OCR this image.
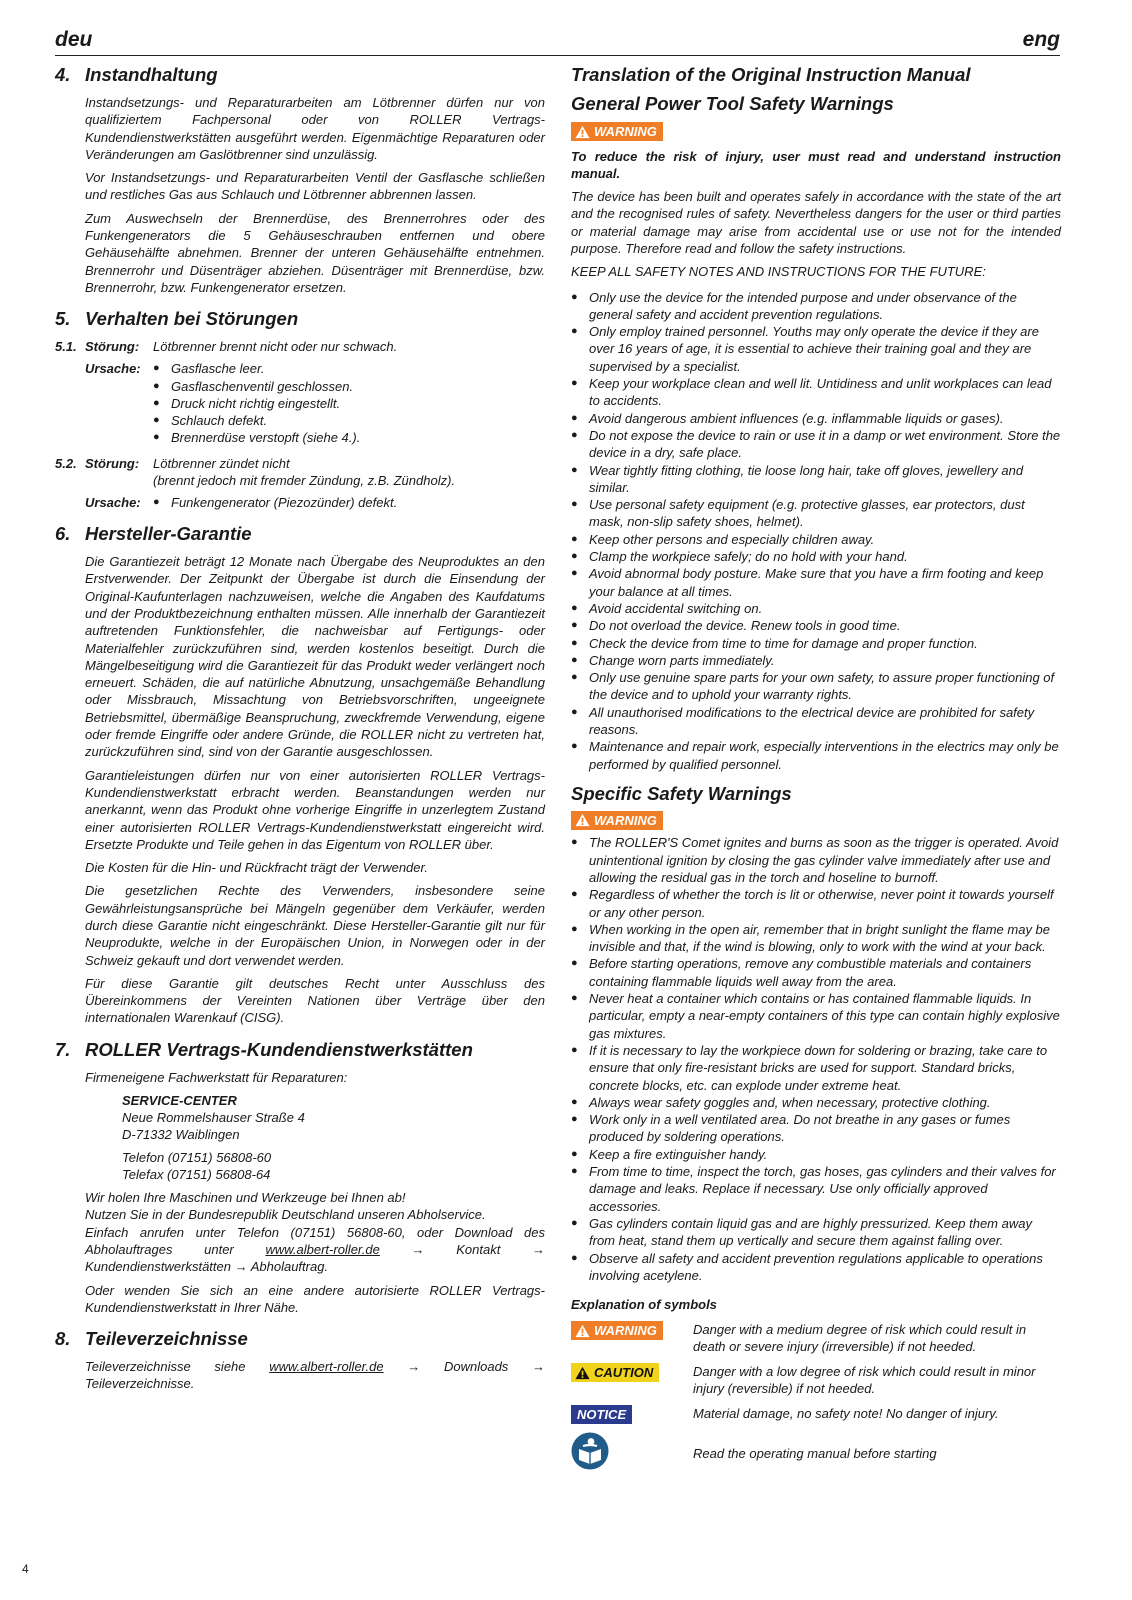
deu	eng
4. Instandhaltung

Instandsetzungs- und Reparaturarbeiten am Lötbrenner dürfen nur von qualifiziertem Fachpersonal oder von ROLLER Vertrags-Kundendienstwerkstätten ausgeführt werden. Eigenmächtige Reparaturen oder Veränderungen am Gaslötbrenner sind unzulässig.

Vor Instandsetzungs- und Reparaturarbeiten Ventil der Gasflasche schließen und restliches Gas aus Schlauch und Lötbrenner abbrennen lassen.

Zum Auswechseln der Brennerdüse, des Brennerrohres oder des Funkengenerators die 5 Gehäuseschrauben entfernen und obere Gehäusehälfte abnehmen. Brenner der unteren Gehäusehälfte entnehmen. Brennerrohr und Düsenträger abziehen. Düsenträger mit Brennerdüse, bzw. Brennerrohr, bzw. Funkengenerator ersetzen.

5. Verhalten bei Störungen
5.1. Störung:	Lötbrenner brennt nicht oder nur schwach.
Ursache:	● Gasflasche leer.
● Gasflaschenventil geschlossen.
● Druck nicht richtig eingestellt.
● Schlauch defekt.
● Brennerdüse verstopft (siehe 4.).
5.2. Störung:	Lötbrenner zündet nicht
(brennt jedoch mit fremder Zündung, z.B. Zündholz).
Ursache:	● Funkengenerator (Piezozünder) defekt.
6. Hersteller-Garantie

Die Garantiezeit beträgt 12 Monate nach Übergabe des Neuproduktes an den Erstverwender. Der Zeitpunkt der Übergabe ist durch die Einsendung der Original-Kaufunterlagen nachzuweisen, welche die Angaben des Kaufdatums und der Produktbezeichnung enthalten müssen. Alle innerhalb der Garantiezeit auftretenden Funktionsfehler, die nachweisbar auf Fertigungs- oder Materialfehler zurückzuführen sind, werden kostenlos beseitigt. Durch die Mängelbeseitigung wird die Garantiezeit für das Produkt weder verlängert noch erneuert. Schäden, die auf natürliche Abnutzung, unsachgemäße Behandlung oder Missbrauch, Missachtung von Betriebsvorschriften, ungeeignete Betriebsmittel, übermäßige Beanspruchung, zweckfremde Verwendung, eigene oder fremde Eingriffe oder andere Gründe, die ROLLER nicht zu vertreten hat, zurückzuführen sind, sind von der Garantie ausgeschlossen.

Garantieleistungen dürfen nur von einer autorisierten ROLLER Vertrags-Kundendienstwerkstatt erbracht werden. Beanstandungen werden nur anerkannt, wenn das Produkt ohne vorherige Eingriffe in unzerlegtem Zustand einer autorisierten ROLLER Vertrags-Kundendienstwerkstatt eingereicht wird. Ersetzte Produkte und Teile gehen in das Eigentum von ROLLER über.

Die Kosten für die Hin- und Rückfracht trägt der Verwender.

Die gesetzlichen Rechte des Verwenders, insbesondere seine Gewährleistungsansprüche bei Mängeln gegenüber dem Verkäufer, werden durch diese Garantie nicht eingeschränkt. Diese Hersteller-Garantie gilt nur für Neuprodukte, welche in der Europäischen Union, in Norwegen oder in der Schweiz gekauft und dort verwendet werden.

Für diese Garantie gilt deutsches Recht unter Ausschluss des Übereinkommens der Vereinten Nationen über Verträge über den internationalen Warenkauf (CISG).

7. ROLLER Vertrags-Kundendienstwerkstätten

Firmeneigene Fachwerkstatt für Reparaturen:

SERVICE-CENTER
Neue Rommelshauser Straße 4
D-71332 Waiblingen
Telefon (07151) 56808-60
Telefax (07151) 56808-64

Wir holen Ihre Maschinen und Werkzeuge bei Ihnen ab!

Nutzen Sie in der Bundesrepublik Deutschland unseren Abholservice.

Einfach anrufen unter Telefon (07151) 56808-60, oder Download des Abholauftrages unter www.albert-roller.de → Kontakt → Kundendienstwerkstätten → Abholauftrag.

Oder wenden Sie sich an eine andere autorisierte ROLLER Vertrags-Kundendienstwerkstatt in Ihrer Nähe.

8. Teileverzeichnisse

Teileverzeichnisse siehe www.albert-roller.de → Downloads → Teileverzeichnisse.

Translation of the Original Instruction Manual
General Power Tool Safety Warnings
WARNING

To reduce the risk of injury, user must read and understand instruction manual.

The device has been built and operates safely in accordance with the state of the art and the recognised rules of safety. Nevertheless dangers for the user or third parties or material damage may arise from accidental use or use not for the intended purpose. Therefore read and follow the safety instructions.

KEEP ALL SAFETY NOTES AND INSTRUCTIONS FOR THE FUTURE:

● Only use the device for the intended purpose and under observance of the general safety and accident prevention regulations.
● Only employ trained personnel. Youths may only operate the device if they are over 16 years of age, it is essential to achieve their training goal and they are supervised by a specialist.
● Keep your workplace clean and well lit. Untidiness and unlit workplaces can lead to accidents.
● Avoid dangerous ambient influences (e.g. inflammable liquids or gases).
● Do not expose the device to rain or use it in a damp or wet environment. Store the device in a dry, safe place.
● Wear tightly fitting clothing, tie loose long hair, take off gloves, jewellery and similar.
● Use personal safety equipment (e.g. protective glasses, ear protectors, dust mask, non-slip safety shoes, helmet).
● Keep other persons and especially children away.
● Clamp the workpiece safely; do no hold with your hand.
● Avoid abnormal body posture. Make sure that you have a firm footing and keep your balance at all times.
● Avoid accidental switching on.
● Do not overload the device. Renew tools in good time.
● Check the device from time to time for damage and proper function.
● Change worn parts immediately.
● Only use genuine spare parts for your own safety, to assure proper functioning of the device and to uphold your warranty rights.
● All unauthorised modifications to the electrical device are prohibited for safety reasons.
● Maintenance and repair work, especially interventions in the electrics may only be performed by qualified personnel.
Specific Safety Warnings
WARNING
● The ROLLER'S Comet ignites and burns as soon as the trigger is operated. Avoid unintentional ignition by closing the gas cylinder valve immediately after use and allowing the residual gas in the torch and hoseline to burnoff.
● Regardless of whether the torch is lit or otherwise, never point it towards yourself or any other person.
● When working in the open air, remember that in bright sunlight the flame may be invisible and that, if the wind is blowing, only to work with the wind at your back.
● Before starting operations, remove any combustible materials and containers containing flammable liquids well away from the area.
● Never heat a container which contains or has contained flammable liquids. In particular, empty a near-empty containers of this type can contain highly explosive gas mixtures.
● If it is necessary to lay the workpiece down for soldering or brazing, take care to ensure that only fire-resistant bricks are used for support. Standard bricks, concrete blocks, etc. can explode under extreme heat.
● Always wear safety goggles and, when necessary, protective clothing.
● Work only in a well ventilated area. Do not breathe in any gases or fumes produced by soldering operations.
● Keep a fire extinguisher handy.
● From time to time, inspect the torch, gas hoses, gas cylinders and their valves for damage and leaks. Replace if necessary. Use only officially approved accessories.
● Gas cylinders contain liquid gas and are highly pressurized. Keep them away from heat, stand them up vertically and secure them against falling over.
● Observe all safety and accident prevention regulations applicable to operations involving acetylene.

Explanation of symbols

WARNING	Danger with a medium degree of risk which could result in death or severe injury (irreversible) if not heeded.
CAUTION	Danger with a low degree of risk which could result in minor injury (reversible) if not heeded.
NOTICE	Material damage, no safety note! No danger of injury.
Read the operating manual before starting
4
